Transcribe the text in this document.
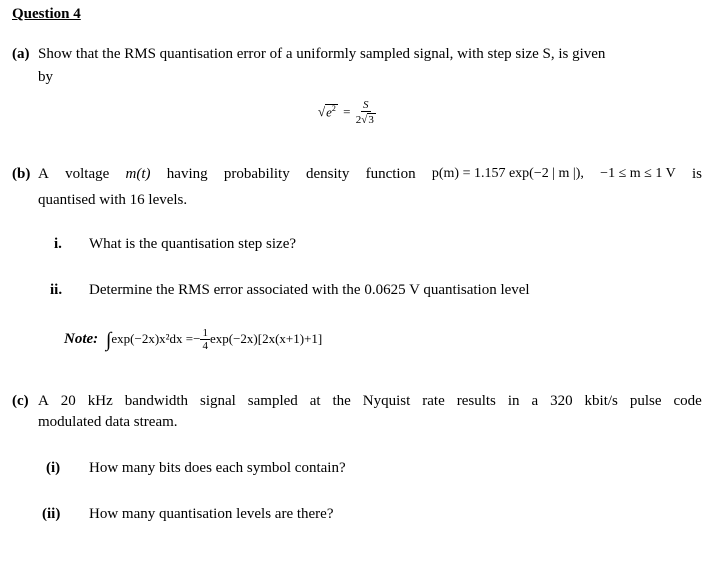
Question 4
(a) Show that the RMS quantisation error of a uniformly sampled signal, with step size S, is given
by
$√e^2 = \frac{S}{2√3}$
(b) A voltage m(t) having probability density function p(m) = 1.157 exp(−2 | m |), −1 ≤ m ≤ 1 V is
quantised with 16 levels.
i. What is the quantisation step size?
ii. Determine the RMS error associated with the 0.0625 V quantisation level
Note: $\int\exp(-2x)x^2dx =- \frac{1}{4} \exp(-2x)[2x(x+1)+1]$
(c) A 20 kHz bandwidth signal sampled at the Nyquist rate results in a 320 kbit/s pulse code
modulated data stream.
(i) How many bits does each symbol contain?
(ii) How many quantisation levels are there?
